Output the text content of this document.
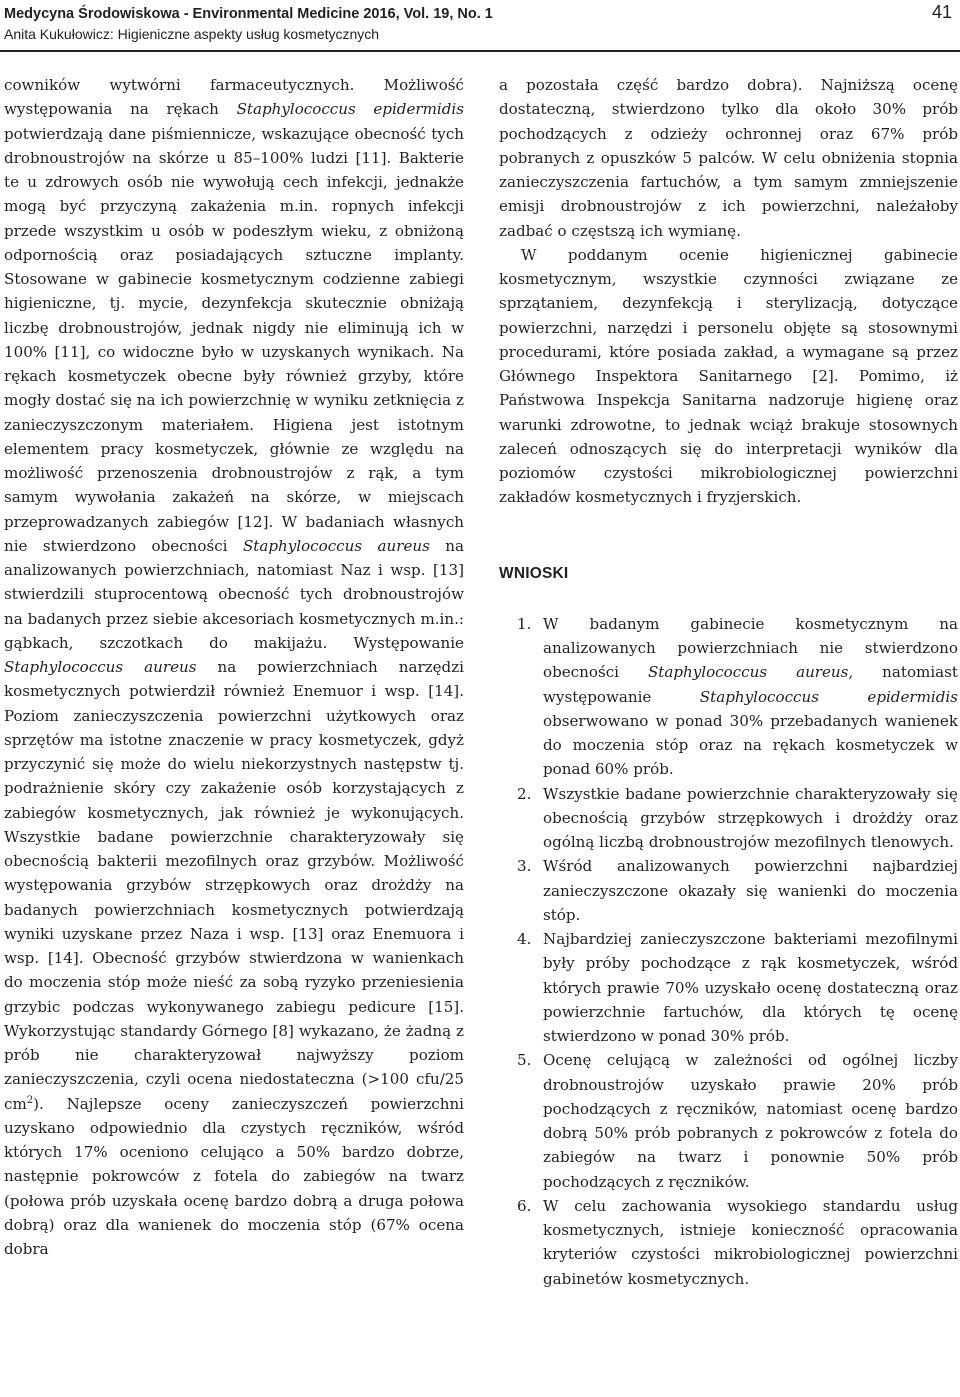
Medycyna Środowiskowa - Environmental Medicine 2016, Vol. 19, No. 1
Anita Kukułowicz: Higieniczne aspekty usług kosmetycznych
41

cowników wytwórni farmaceutycznych. Możliwość występowania na rękach Staphylococcus epidermidis potwierdzają dane piśmiennicze, wskazujące obecność tych drobnoustrojów na skórze u 85–100% ludzi [11]. Bakterie te u zdrowych osób nie wywołują cech infekcji, jednakże mogą być przyczyną zakażenia m.in. ropnych infekcji przede wszystkim u osób w podeszłym wieku, z obniżoną odpornością oraz posiadających sztuczne implanty. Stosowane w gabinecie kosmetycznym codzienne zabiegi higieniczne, tj. mycie, dezynfekcja skutecznie obniżają liczbę drobnoustrojów, jednak nigdy nie eliminują ich w 100% [11], co widoczne było w uzyskanych wynikach. Na rękach kosmetyczek obecne były również grzyby, które mogły dostać się na ich powierzchnię w wyniku zetknięcia z zanieczyszczonym materiałem. Higiena jest istotnym elementem pracy kosmetyczek, głównie ze względu na możliwość przenoszenia drobnoustrojów z rąk, a tym samym wywołania zakażeń na skórze, w miejscach przeprowadzanych zabiegów [12]. W badaniach własnych nie stwierdzono obecności Staphylococcus aureus na analizowanych powierzchniach, natomiast Naz i wsp. [13] stwierdzili stuprocentową obecność tych drobnoustrojów na badanych przez siebie akcesoriach kosmetycznych m.in.: gąbkach, szczotkach do makijażu. Występowanie Staphylococcus aureus na powierzchniach narzędzi kosmetycznych potwierdził również Enemuor i wsp. [14]. Poziom zanieczyszczenia powierzchni użytkowych oraz sprzętów ma istotne znaczenie w pracy kosmetyczek, gdyż przyczynić się może do wielu niekorzystnych następstw tj. podrażnienie skóry czy zakażenie osób korzystających z zabiegów kosmetycznych, jak również je wykonujących. Wszystkie badane powierzchnie charakteryzowały się obecnością bakterii mezofilnych oraz grzybów. Możliwość występowania grzybów strzępkowych oraz drożdży na badanych powierzchniach kosmetycznych potwierdzają wyniki uzyskane przez Naza i wsp. [13] oraz Enemuora i wsp. [14]. Obecność grzybów stwierdzona w wanienkach do moczenia stóp może nieść za sobą ryzyko przeniesienia grzybic podczas wykonywanego zabiegu pedicure [15]. Wykorzystując standardy Górnego [8] wykazano, że żadną z prób nie charakteryzował najwyższy poziom zanieczyszczenia, czyli ocena niedostateczna (>100 cfu/25 $cm^2$). Najlepsze oceny zanieczyszczeń powierzchni uzyskano odpowiednio dla czystych ręczników, wśród których 17% oceniono celująco a 50% bardzo dobrze, następnie pokrowców z fotela do zabiegów na twarz (połowa prób uzyskała ocenę bardzo dobrą a druga połowa dobrą) oraz dla wanienek do moczenia stóp (67% ocena dobra

a pozostała część bardzo dobra). Najniższą ocenę dostateczną, stwierdzono tylko dla około 30% prób pochodzących z odzieży ochronnej oraz 67% prób pobranych z opuszków 5 palców. W celu obniżenia stopnia zanieczyszczenia fartuchów, a tym samym zmniejszenie emisji drobnoustrojów z ich powierzchni, należałoby zadbać o częstszą ich wymianę.

W poddanym ocenie higienicznej gabinecie kosmetycznym, wszystkie czynności związane ze sprzątaniem, dezynfekcją i sterylizacją, dotyczące powierzchni, narzędzi i personelu objęte są stosownymi procedurami, które posiada zakład, a wymagane są przez Głównego Inspektora Sanitarnego [2]. Pomimo, iż Państwowa Inspekcja Sanitarna nadzoruje higienę oraz warunki zdrowotne, to jednak wciąż brakuje stosownych zaleceń odnoszących się do interpretacji wyników dla poziomów czystości mikrobiologicznej powierzchni zakładów kosmetycznych i fryzjerskich.

WNIOSKI

1. W badanym gabinecie kosmetycznym na analizowanych powierzchniach nie stwierdzono obecności Staphylococcus aureus, natomiast występowanie Staphylococcus epidermidis obserwowano w ponad 30% przebadanych wanienek do moczenia stóp oraz na rękach kosmetyczek w ponad 60% prób.
2. Wszystkie badane powierzchnie charakteryzowały się obecnością grzybów strzępkowych i drożdży oraz ogólną liczbą drobnoustrojów mezofilnych tlenowych.
3. Wśród analizowanych powierzchni najbardziej zanieczyszczone okazały się wanienki do moczenia stóp.
4. Najbardziej zanieczyszczone bakteriami mezofilnymi były próby pochodzące z rąk kosmetyczek, wśród których prawie 70% uzyskało ocenę dostateczną oraz powierzchnie fartuchów, dla których tę ocenę stwierdzono w ponad 30% prób.
5. Ocenę celującą w zależności od ogólnej liczby drobnoustrojów uzyskało prawie 20% prób pochodzących z ręczników, natomiast ocenę bardzo dobrą 50% prób pobranych z pokrowców z fotela do zabiegów na twarz i ponownie 50% prób pochodzących z ręczników.
6. W celu zachowania wysokiego standardu usług kosmetycznych, istnieje konieczność opracowania kryteriów czystości mikrobiologicznej powierzchni gabinetów kosmetycznych.
